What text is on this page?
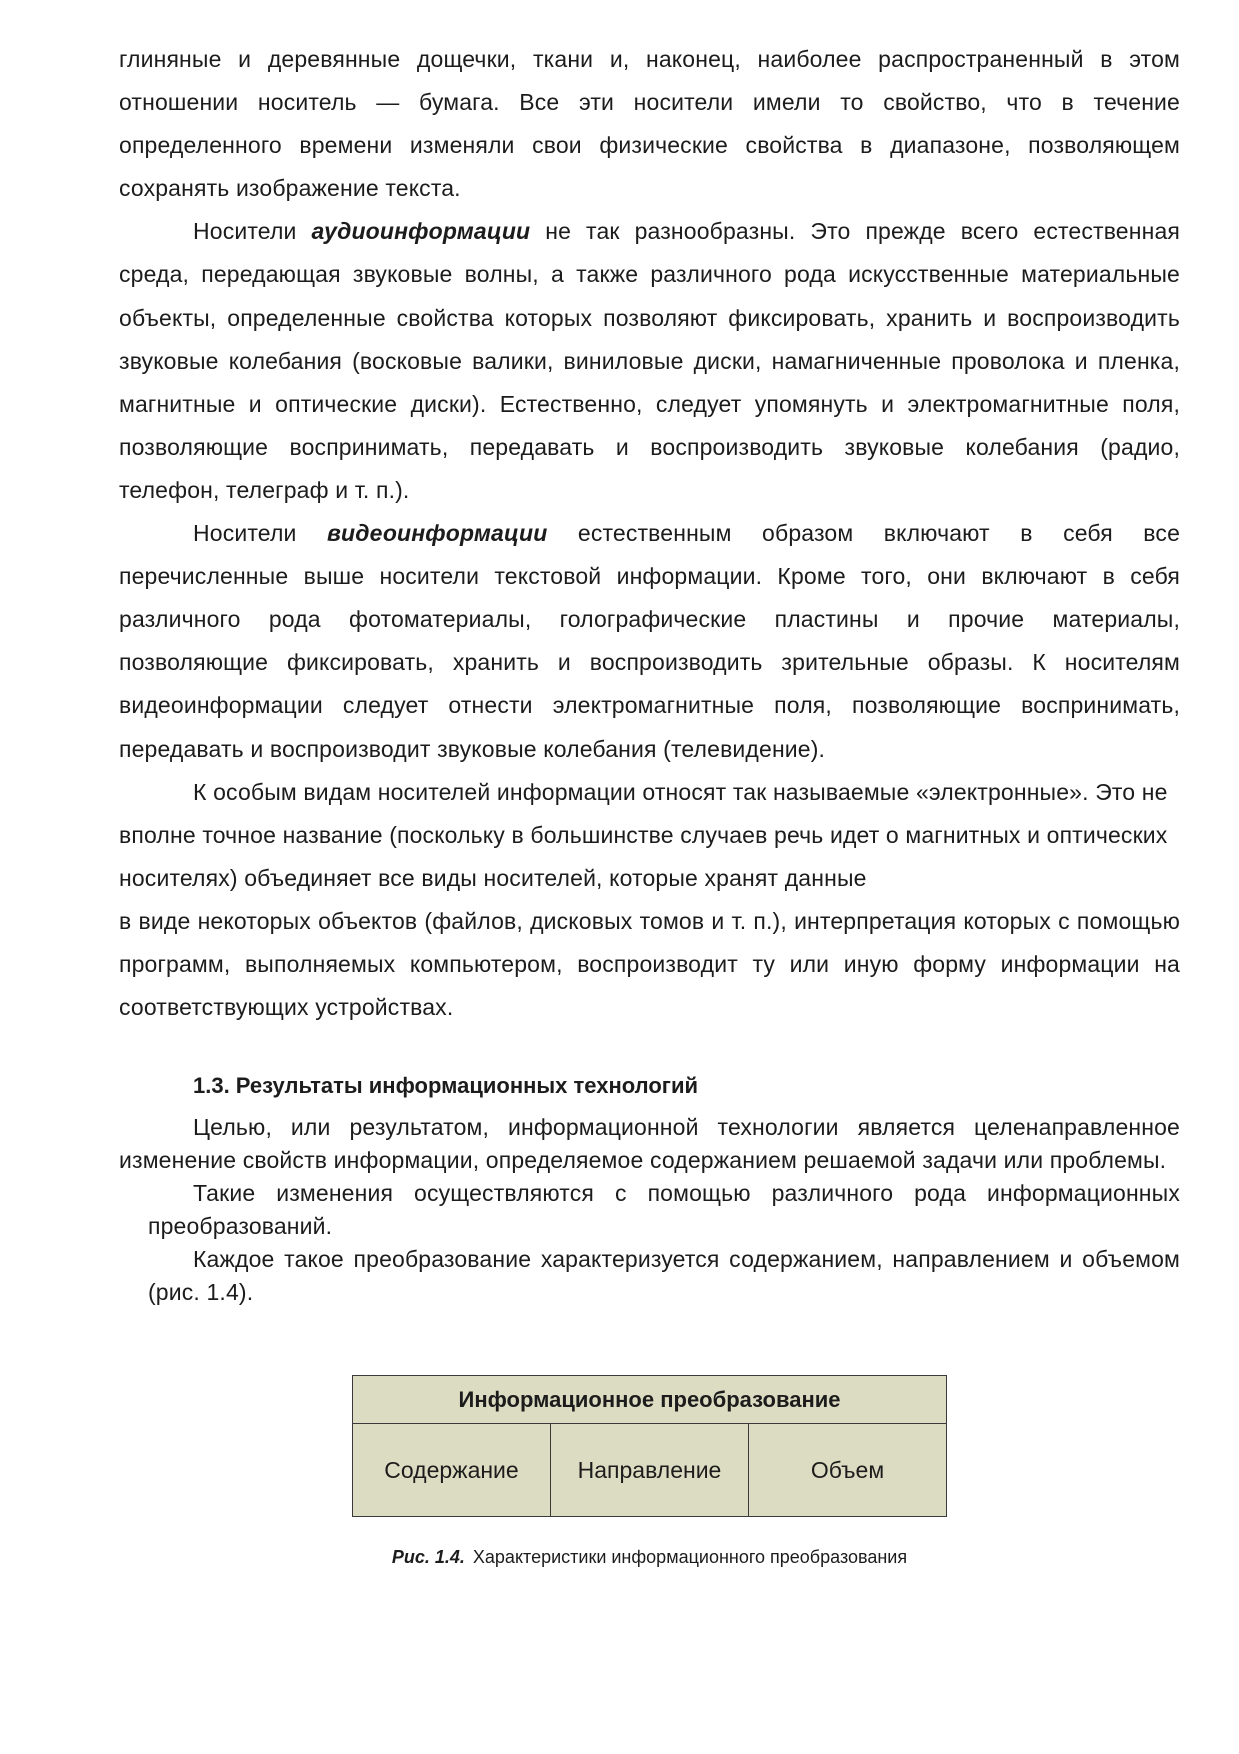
глиняные и деревянные дощечки, ткани и, наконец, наиболее распространенный в этом отношении носитель — бумага. Все эти носители имели то свойство, что в течение определенного времени изменяли свои физические свойства в диапазоне, позволяющем сохранять изображение текста.

Носители аудиоинформации не так разнообразны. Это прежде всего естественная среда, передающая звуковые волны, а также различного рода искусственные материальные объекты, определенные свойства которых позволяют фиксировать, хранить и воспроизводить звуковые колебания (восковые валики, виниловые диски, намагниченные проволока и пленка, магнитные и оптические диски). Естественно, следует упомянуть и электромагнитные поля, позволяющие воспринимать, передавать и воспроизводить звуковые колебания (радио, телефон, телеграф и т. п.).

Носители видеоинформации естественным образом включают в себя все перечисленные выше носители текстовой информации. Кроме того, они включают в себя различного рода фотоматериалы, голографические пластины и прочие материалы, позволяющие фиксировать, хранить и воспроизводить зрительные образы. К носителям видеоинформации следует отнести электромагнитные поля, позволяющие воспринимать, передавать и воспроизводит звуковые колебания (телевидение).

К особым видам носителей информации относят так называемые «электронные». Это не вполне точное название (поскольку в большинстве случаев речь идет о магнитных и оптических носителях) объединяет все виды носителей, которые хранят данные

в виде некоторых объектов (файлов, дисковых томов и т. п.), интерпретация которых с помощью программ, выполняемых компьютером, воспроизводит ту или иную форму информации на соответствующих устройствах.

1.3. Результаты информационных технологий

Целью, или результатом, информационной технологии является целенаправленное изменение свойств информации, определяемое содержанием решаемой задачи или проблемы.

Такие изменения осуществляются с помощью различного рода информационных преобразований.

Каждое такое преобразование характеризуется содержанием, направлением и объемом (рис. 1.4).

Информационное преобразование
Содержание	Направление	Объем
Рис. 1.4. Характеристики информационного преобразования
